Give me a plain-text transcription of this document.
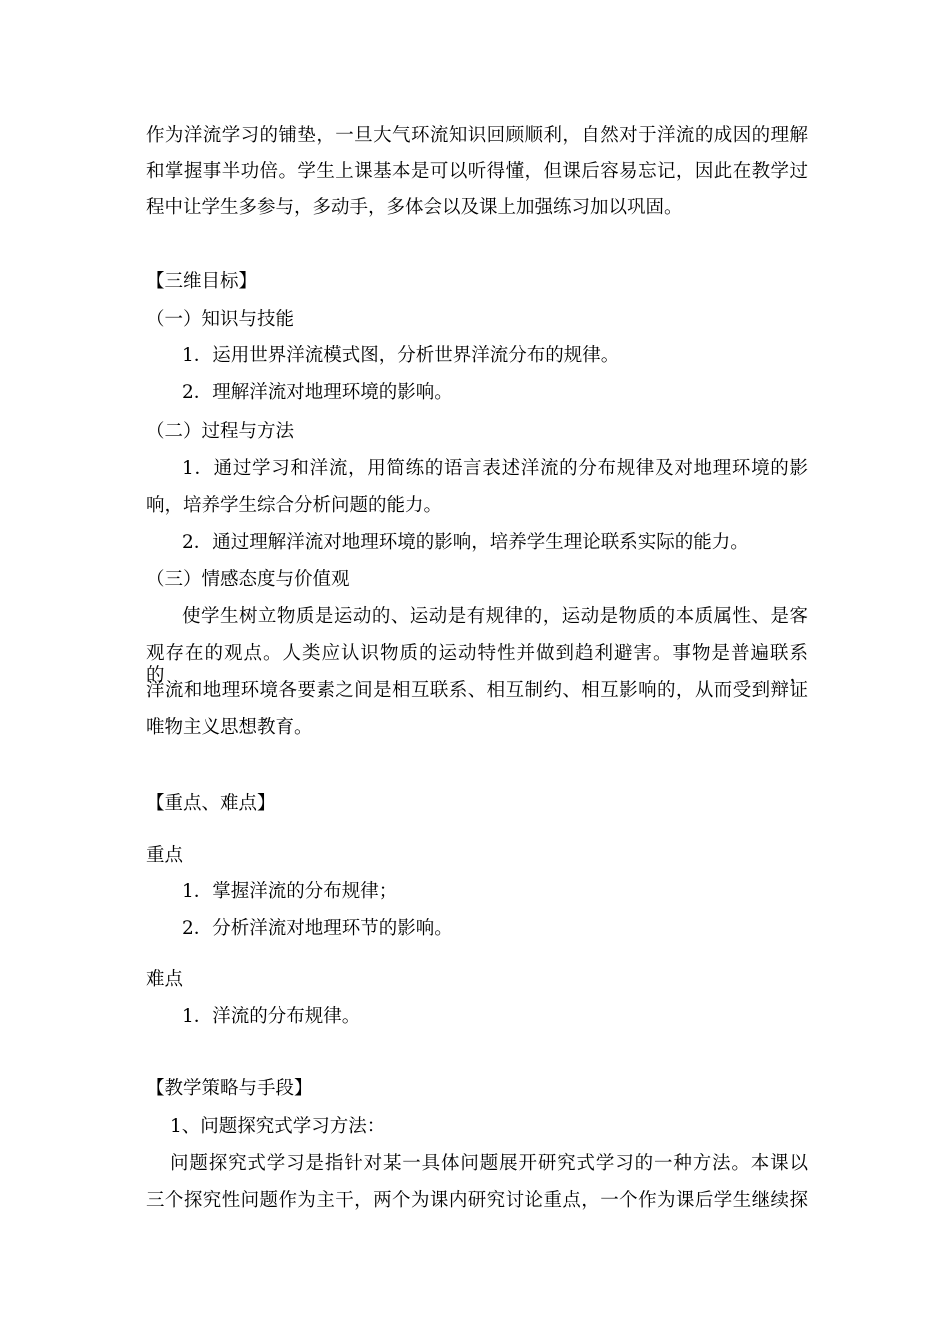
作为洋流学习的铺垫，一旦大气环流知识回顾顺利，自然对于洋流的成因的理解
和掌握事半功倍。学生上课基本是可以听得懂，但课后容易忘记，因此在教学过
程中让学生多参与，多动手，多体会以及课上加强练习加以巩固。
【三维目标】
（一）知识与技能
1．运用世界洋流模式图，分析世界洋流分布的规律。
2．理解洋流对地理环境的影响。
（二）过程与方法
1．通过学习和洋流，用简练的语言表述洋流的分布规律及对地理环境的影
响，培养学生综合分析问题的能力。
2．通过理解洋流对地理环境的影响，培养学生理论联系实际的能力。
（三）情感态度与价值观
使学生树立物质是运动的、运动是有规律的，运动是物质的本质属性、是客
观存在的观点。人类应认识物质的运动特性并做到趋利避害。事物是普遍联系的，
洋流和地理环境各要素之间是相互联系、相互制约、相互影响的，从而受到辩证
唯物主义思想教育。
【重点、难点】
重点
1．掌握洋流的分布规律；
2．分析洋流对地理环节的影响。
难点
1．洋流的分布规律。
【教学策略与手段】
1、问题探究式学习方法：
问题探究式学习是指针对某一具体问题展开研究式学习的一种方法。本课以
三个探究性问题作为主干，两个为课内研究讨论重点，一个作为课后学生继续探
